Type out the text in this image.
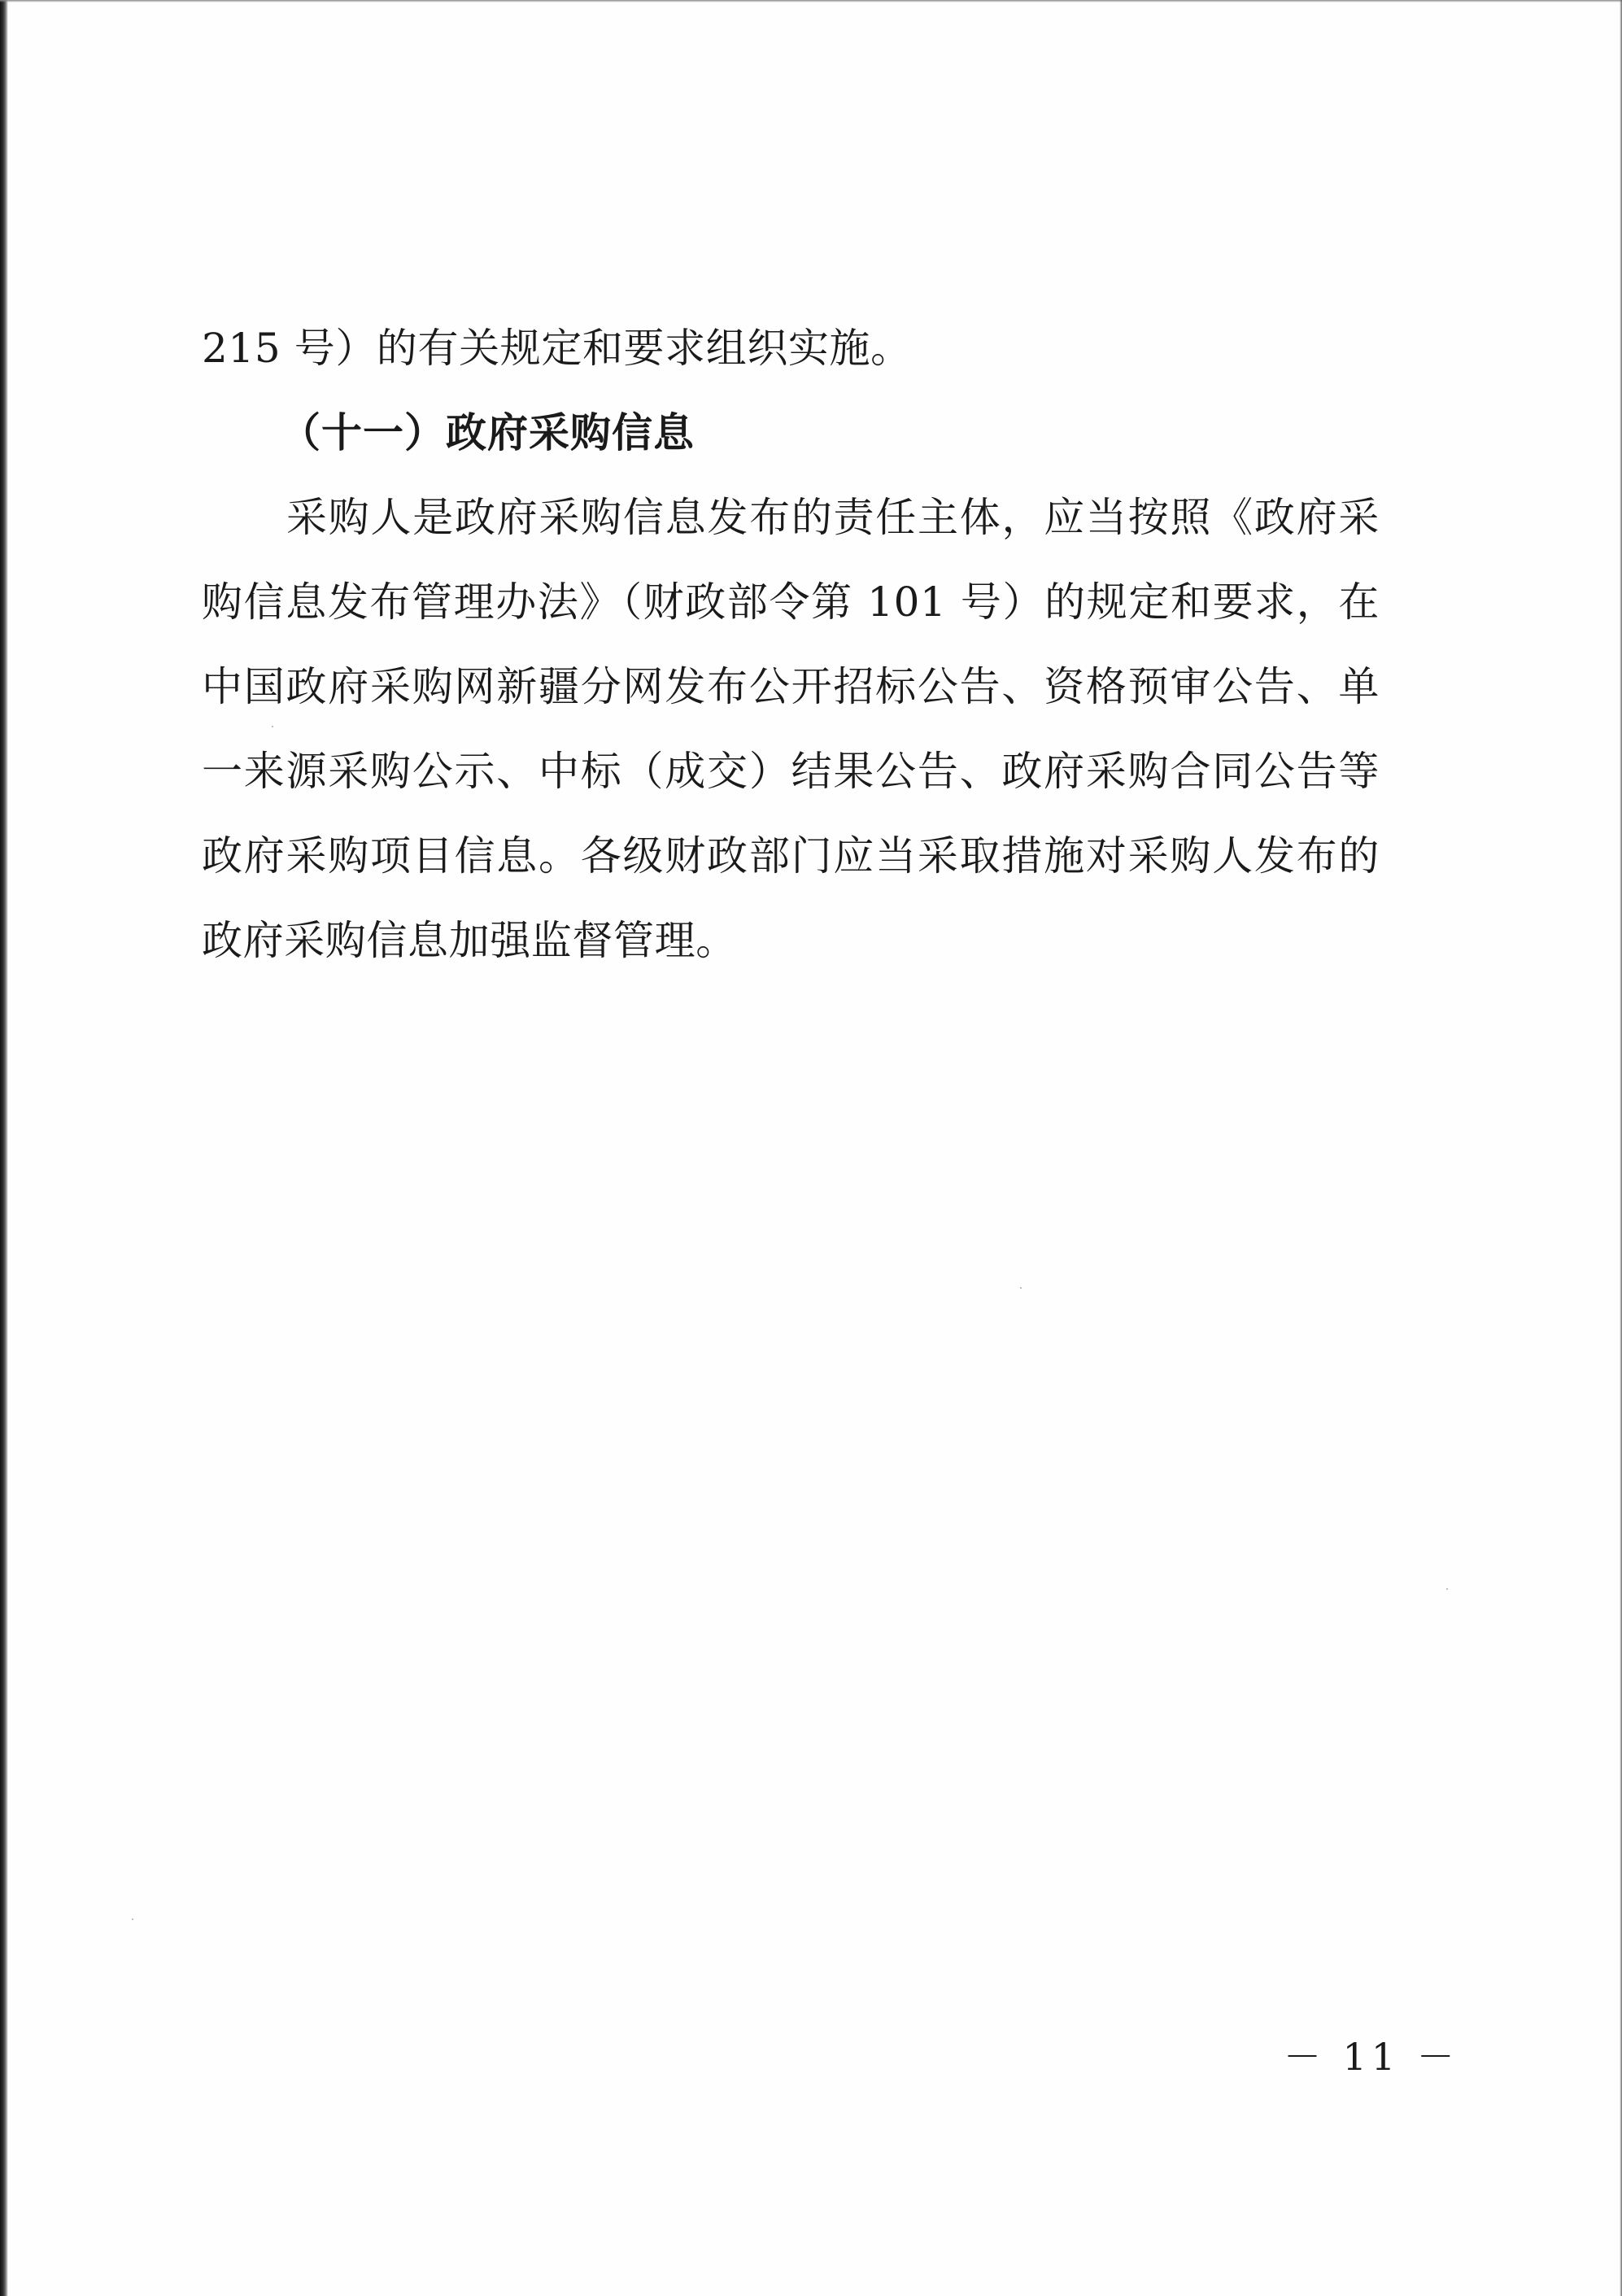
215 号）的有关规定和要求组织实施。
（十一）政府采购信息
采购人是政府采购信息发布的责任主体，应当按照《政府采
购信息发布管理办法》（财政部令第 101 号）的规定和要求，在
中国政府采购网新疆分网发布公开招标公告、资格预审公告、单
一来源采购公示、中标（成交）结果公告、政府采购合同公告等
政府采购项目信息。各级财政部门应当采取措施对采购人发布的
政府采购信息加强监督管理。
－ 11 －
